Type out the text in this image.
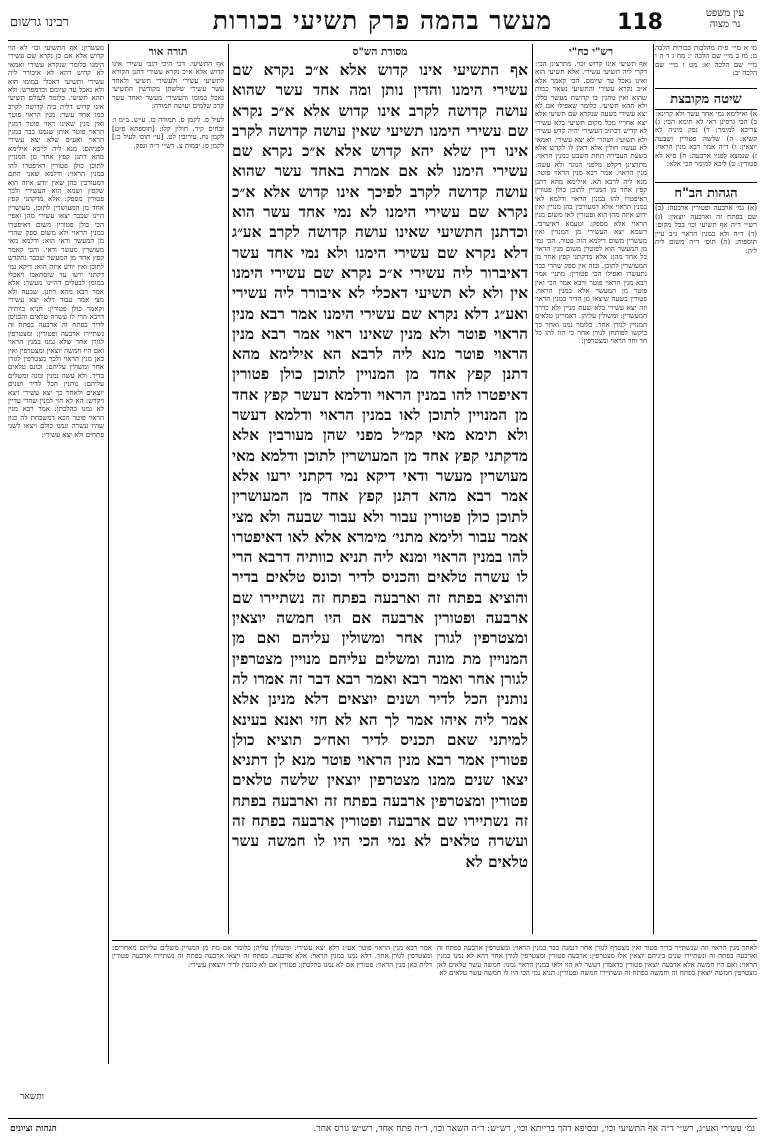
עין משפט
נר מצוה
118
מעשר בהמה פרק תשיעי בכורות
רבינו גרשום

מו א מיי׳ פ״ח מהלכות בכורות הלכה ט: מז ב מיי׳ שם הלכה י: מח ג ד ה ו מיי׳ שם הלכה יא: מט ז מיי׳ שם הלכה יב:

שיטה מקובצת

א) ואילימא נמי אחר עשר ולא קרינא: ב) הכי גרסינן דאי לא תימא הכי: ג) צריכא למימר: ד) נפק מיניה לא קשיא: ה) שלשה פטורין ושבעה יוצאין: ו) ד״ה אמר רבא מנין הראוי: ז) שנמצא לפניו ארבעה: ח) ס״א לא פטורין: ט) ליכא למימר הכי אלא:

הגהות הב"ח

(א) גמ׳ ארבעה ופטורין ארבעה: (ב) שם בפתח זה וארבעה יוצאין: (ג) רש״י ד״ה אף תשיעי וכו׳ בכל מקום: (ד) ד״ה ולא כמנין הראוי נ״ב עיין תוספות: (ה) תוס׳ ד״ה משום לית ליה:

רש"י כח"י

אף תשיעי אינו קדוש וכו׳. מתרצינן הכי: דקרי ליה תשיעי עשירי. אלא תשיעי הוא ואינו נאכל עד שיומם. הכי קאמר אלא א״כ נקרא עשירי והתשיעי נשאר כמות שהוא ואין נוהגין בו קדושת מעשר כלל: ולא תהא תשיעי. כלומר שאפילו אם לא יצא עשירי בשעה שנקרא שם תשיעי אלא יצא אחריו מכל מקום תשיעי בלא עשירי לא קדיש דכתיב העשירי יהיה קדש עשירי ולא תשיעי: ושהרי לא יצא עשירי. ואמאי לא נעשה חולין אלא דאין לו לקדש אלא בשעת העבירה תחת השבט כמנין הראוי. מתרצינן דקלט מלפני הנוגר ולא עשה: מנין הראוי. אמר רבא מנין הראוי פוטר. מנא ליה לרבא הא. אילימא מהא דתנן קפץ אחד מן המנויין לתוכן כולן פטורין דאיפטרו להו במנין הראוי ודלמא לאו במנין הראוי אלא דמעורבין בהן מנויין ואין ידוע איזה מהן הוא ופטורין לאו משום מנין הראוי אלא מספק: וטעמא דאיערבי. דשמא יצא העשירי מן המנויין ואין מעשרין משום דילמא הוה פטור. הכי נמי מן המעשר הוא לפוטרן משום מנין הראוי כל אחד מהן: אלא מדקתני קפץ אחד מן המעושרין לתוכן. ובזה אין ספק שהרי כבר נתעשרו ואפילו הכי פטורין: מתני׳ אמר רבא מנין הראוי פוטר ורבא אמר הכי ואין פוטר מן המעשר אלא במנין הראוי. פטורין בשעה שיצאו מן הדיר כמנין הראוי וזה יצא עשירי בלא שעת מניין ולא כדרך המעשרין: ומשולין עליהן. דאמרינן טלאים המנויין לגורן אחר. כלומר נמנו ואחר כך ביקשו לפותחן לגורן אחר כי הוו להו כל חד וחד הראוי ומצטרפין:

מסורת הש"ס

אף התשיעי אינו קדוש אלא א״כ נקרא שם עשירי הימנו והדין נותן ומה אחד עשר שהוא עושה קדושה לקרב אינו קדוש אלא א״כ נקרא שם עשירי הימנו תשיעי שאין עושה קדושה לקרב אינו דין שלא יהא קדוש אלא א״כ נקרא שם עשירי הימנו לא אם אמרת באחד עשר שהוא עושה קדושה לקרב לפיכך אינו קדוש אלא א״כ נקרא שם עשירי הימנו לא נמי אחד עשר הוא וכדתנן התשיעי שאינו עושה קדושה לקרב אע״ג דלא נקרא שם עשירי הימנו ולא נמי אחד עשר דאיברור ליה עשירי א״כ נקרא שם עשירי הימנו אין ולא לא תשיעי דאכלי לא איבורר ליה עשירי ואע״ג דלא נקרא שם עשירי הימנו אמר רבא מנין הראוי פוטר ולא מנין שאינו ראוי אמר רבא מנין הראוי פוטר מנא ליה לרבא הא אילימא מהא דתנן קפץ אחד מן המנויין לתוכן כולן פטורין דאיפטרו להו במנין הראוי ודלמא דעשר קפץ אחד מן המנויין לתוכן לאו במנין הראוי ודלמא דעשר ולא תימא מאי קמ״ל מפני שהן מעורבין אלא מדקתני קפץ אחד מן המעושרין לתוכן ודלמא מאי מעושרין מעשר ודאי דיקא נמי דקתני ירעו אלא אמר רבא מהא דתנן קפץ אחד מן המעושרין לתוכן כולן פטורין עבור ולא עבור שבעה ולא מצי אמר עבור ולימא מתני׳ מימרא אלא לאו דאיפטרו להו במנין הראוי ומנא ליה תניא כוותיה דרבא הרי לו עשרה טלאים והכניס לדיר וכונס טלאים בדיר והוציא בפתח זה וארבעה בפתח זה נשתיירו שם ארבעה ופטורין ארבעה אם היו חמשה יוצאין ומצטרפין לגורן אחר ומשולין עליהם ואם מן המנויין מת מונה ומשלים עליהם מנויין מצטרפין לגורן אחר ואמר רבא ואמר רבא דבר זה אמרו לה נותנין הכל לדיר ושנים יוצאים דלא מנינן אלא אמר ליה איהו אמר לך הא לא חזי ואנא בעינא למיתני שאם תכניס לדיר ואח״כ תוציא כולן פטורין אמר רבא מנין הראוי פוטר מנא לן דתניא יצאו שנים ממנו מצטרפין יוצאין שלשה טלאים פטורין ומצטרפין ארבעה בפתח זה וארבעה בפתח זה נשתיירו שם ארבעה ופטורין ארבעה בפתח זה ועשרה טלאים לא נמי הכי היו לו חמשה עשר טלאים לא

תורה אור

אף התשיעי. דכי היכי דגבי עשירי אינו קדוש אלא א״כ נקרא עשירי דתנן הקורא לתשיעי עשירי ולעשירי תשיעי ולאחד עשר עשירי שלשתן מקודשין התשיעי נאכל במומו והעשירי מעשר ואחד עשר קרב שלמים ועושה תמורה:

לעיל ס. לקמן ס. תמורה כז. ע״ש. ב״מ ו: זבחים קיד. חולין קלו: [תוספתא פ״ט] לקמן נח. עירובין לט. [עי׳ תוס׳ לעיל כ:] לקמן ס: יבמות צ. רש״י ד״ה ונפק.

מעשרין: אף התשיעי וכו׳ לא הוי קדוש אלא אם כן נקרא שם עשירי הימנו כלומר שנקרא עשירי ואמאי לא קדוש דהא לא איבורר ליה עשירי ותשיעי דאכלי במומו הוא ולא נאכל עד שיומם וכדמפרש: ולא תהא תשיעי. כלומר לעולם תשיעי אינו קדוש דלית ביה קדושה לקרב כמו אחד עשר: מנין הראוי פוטר ואין מנין שאינו ראוי פוטר דמנין הראוי פוטר אותן שנמנו כבר במנין הראוי ואע״פ שלא יצא עשירי לפניהם: מנא ליה לרבא אילימא מהא דתנן קפץ אחד מן המנויין לתוכן כולן פטורין דאיפטרו להו במנין הראוי: ודלמא שאני התם דמעורבין בהן שאין יודע איזה הוא שקפץ ושמא הוא העשירי ולכך פטורין מספק: אלא מדקתני קפץ אחד מן המעושרין לתוכן. מעושרין היינו שכבר יצאו עשירי מהן ואפי׳ הכי כולן פטורין משום דאיפטרו במנין הראוי ולא משום ספק שהרי מן המעשר ודאי הוא: ודלמא מאי מעושרין מעשר ודאי. והכי קאמר קפץ אחד מן המעשר שכבר נתקדש לתוכן ואין יודע איזה הוא: דיקא נמי דקתני ירעו עד שיסתאבו ויאכלו במומן לבעלים דהיינו מעשר: אלא אמר רבא מהא דתנן. שבעה ולא מצי אמר עבור דלא יצא עשירי וקאמר כולן פטורין: תניא כוותיה דרבא הרי לו עשרה טלאים והכניסן לדיר בפתח זה ארבעה בפתח זה נשתיירו ארבעה ופטורין: ומצטרפין לגורן אחר שלא נמנו במנין הראוי ואם היו חמשה יוצאין ומצטרפין ואין כאן מנין הראוי ולכך מצטרפין לגורן אחר ומשולין עליהם: וכונס טלאים בדיר. ולא עשה נמנין ומנה ומשלים עליהם: נותנין הכל לדיר ושנים יוצאים ולאחר כך יצא עשירי ויצא ויקדש: הא לא חזי למנין שהרי עדיין לא נמנו כהלכתן: אמר רבא מנין הראוי פוטר הכא דמשכחת לה כגון שהיו עשרה ונמנו כולם ויצאו לשני פתחים ולא יצא עשירי:

לאחר מנין הראוי וזה שנשתייר בדיר פטור ואין מצטרף לגורן אחר דנמנה כבר במנין הראוי: ומצטרפין ארבעה בפתח זה וארבעה בפתח זה ונשתיירו שנים ביניהם יוצאין אלו מצטרפין: ארבעה פטורין ומצטרפין לגורן אחר דהא לא נמנו במנין הראוי: ואם היו חמשה אלא ארבעה יוצאין פטורין כדאמרן דעשר לא הוו ולאו במנין הראוי נמנו: חמשה עשר טלאים לאן מצטרפין חמשה יוצאין בפתח זה וחמשה בפתח זה ונשתיירו חמשה ופטורין: תניא נמי הכי היו לו חמשה עשר טלאים לא

אמר רבא מנין הראוי פוטר אע״ג דלא יצא עשירי: ומשולין עליהן כלומר אם מת מן המנויין משלים עליהם מאחרים: ומצטרפין לגורן אחר. דלא נמנו במנין הראוי: אלא ארבעה. בפתח זה ויצאו ארבעה בפתח זה נשתיירו ארבעה פטורין דלית כאן מנין הראוי: פטורין אם לא נמנו כהלכתן: פטורין אם לא כונסין לדיר ויוצאין עשירי:

ותשאר
גמ׳ עשירי ואע״ג, רש״י ד״ה אף התשיעי וכו׳, ובסיפא דהך ברייתא וכו׳, רש״ש: ד״ה השאר וכו׳, ד״ה פתח אחד, רש״ש גורס אחר.
הגהות וציונים
